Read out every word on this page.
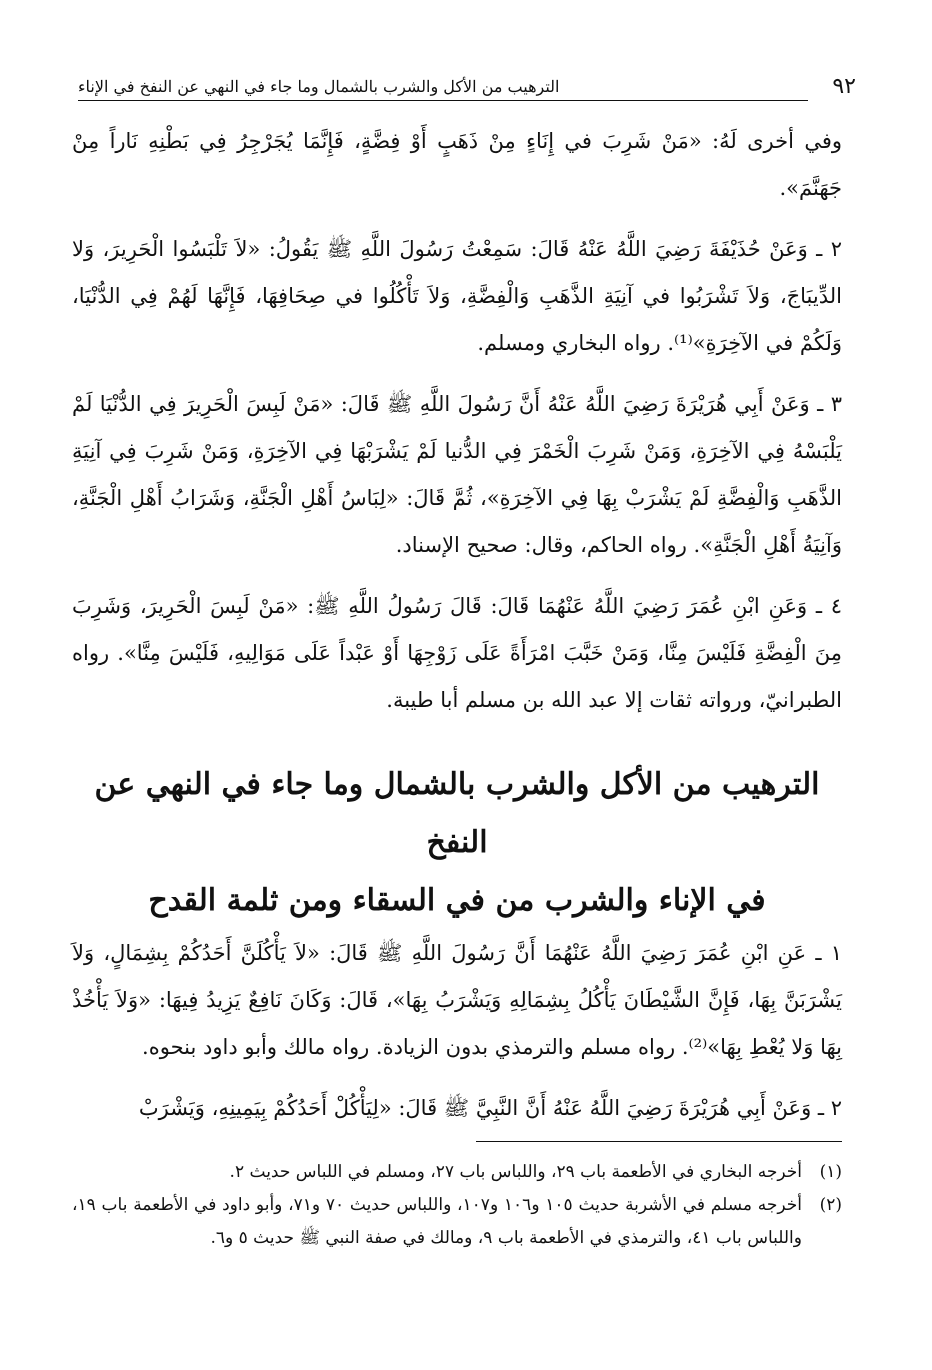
٩٢
الترهيب من الأكل والشرب بالشمال وما جاء في النهي عن النفخ في الإناء

وفي أخرى لَهُ: «مَنْ شَرِبَ في إِنَاءٍ مِنْ ذَهَبٍ أَوْ فِضَّةٍ، فَإِنَّمَا يُجَرْجِرُ فِي بَطْنِهِ نَاراً مِنْ جَهَنَّمَ».

٢ ـ وَعَنْ حُذَيْفَةَ رَضِيَ اللَّهُ عَنْهُ قَالَ: سَمِعْتُ رَسُولَ اللَّهِ ﷺ يَقُولُ: «لاَ تَلْبَسُوا الْحَرِيرَ، وَلا الدِّيبَاجَ، وَلاَ تَشْرَبُوا في آنِيَةِ الذَّهَبِ وَالْفِضَّةِ، وَلاَ تَأْكُلُوا في صِحَافِهَا، فَإِنَّهَا لَهُمْ فِي الدُّنْيَا، وَلَكُمْ في الآخِرَةِ»⁽¹⁾. رواه البخاري ومسلم.

٣ ـ وَعَنْ أَبِي هُرَيْرَةَ رَضِيَ اللَّهُ عَنْهُ أَنَّ رَسُولَ اللَّهِ ﷺ قَالَ: «مَنْ لَبِسَ الْحَرِيرَ فِي الدُّنْيَا لَمْ يَلْبَسْهُ فِي الآخِرَةِ، وَمَنْ شَرِبَ الْخَمْرَ فِي الدُّنيا لَمْ يَشْرَبْهَا فِي الآخِرَةِ، وَمَنْ شَرِبَ فِي آنِيَةِ الذَّهَبِ وَالْفِضَّةِ لَمْ يَشْرَبْ بِهَا فِي الآخِرَةِ»، ثُمَّ قَالَ: «لِبَاسُ أَهْلِ الْجَنَّةِ، وَشَرَابُ أَهْلِ الْجَنَّةِ، وَآنِيَةُ أَهْلِ الْجَنَّةِ». رواه الحاكم، وقال: صحيح الإسناد.

٤ ـ وَعَنِ ابْنِ عُمَرَ رَضِيَ اللَّهُ عَنْهُمَا قَالَ: قَالَ رَسُولُ اللَّهِ ﷺ: «مَنْ لَبِسَ الْحَرِيرَ، وَشَرِبَ مِنَ الْفِضَّةِ فَلَيْسَ مِنَّا، وَمَنْ خَبَّبَ امْرَأَةً عَلَى زَوْجِهَا أَوْ عَبْداً عَلَى مَوَالِيهِ، فَلَيْسَ مِنَّا». رواه الطبرانيّ، ورواته ثقات إلا عبد الله بن مسلم أبا طيبة.

الترهيب من الأكل والشرب بالشمال وما جاء في النهي عن النفخ
في الإناء والشرب من في السقاء ومن ثلمة القدح

١ ـ عَنِ ابْنِ عُمَرَ رَضِيَ اللَّهُ عَنْهُمَا أَنَّ رَسُولَ اللَّهِ ﷺ قَالَ: «لاَ يَأْكُلَنَّ أَحَدُكُمْ بِشِمَالٍ، وَلاَ يَشْرَبَنَّ بِهَا، فَإِنَّ الشَّيْطَانَ يَأْكُلُ بِشِمَالِهِ وَيَشْرَبُ بِهَا»، قَالَ: وَكَانَ نَافِعٌ يَزِيدُ فِيهَا: «وَلاَ يَأْخُذْ بِهَا وَلا يُعْطِ بِهَا»⁽²⁾. رواه مسلم والترمذي بدون الزيادة. رواه مالك وأبو داود بنحوه.

٢ ـ وَعَنْ أَبِي هُرَيْرَةَ رَضِيَ اللَّهُ عَنْهُ أَنَّ النَّبِيَّ ﷺ قَالَ: «لِيَأْكُلْ أَحَدُكُمْ بِيَمِينِهِ، وَيَشْرَبْ

(١)
أخرجه البخاري في الأطعمة باب ٢٩، واللباس باب ٢٧، ومسلم في اللباس حديث ٢.
(٢)
أخرجه مسلم في الأشربة حديث ١٠٥ و١٠٦ و١٠٧، واللباس حديث ٧٠ و٧١، وأبو داود في الأطعمة باب ١٩، واللباس باب ٤١، والترمذي في الأطعمة باب ٩، ومالك في صفة النبي ﷺ حديث ٥ و٦.
